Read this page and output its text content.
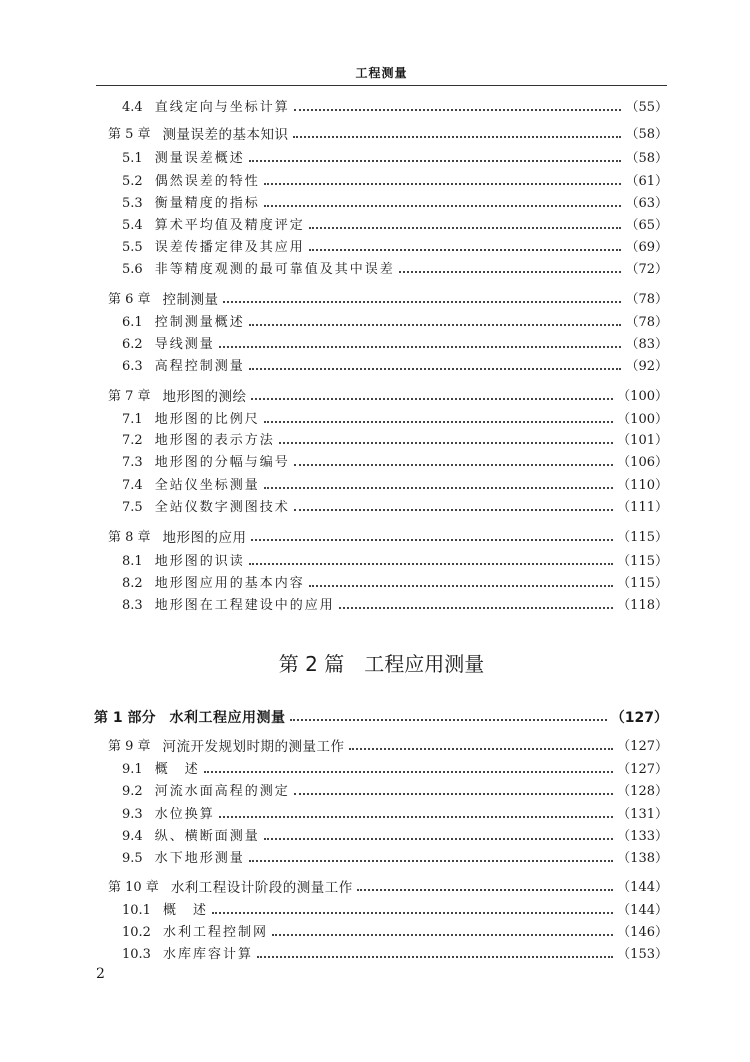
工程测量
4.4 直线定向与坐标计算	（55）
第 5 章 测量误差的基本知识	（58）
5.1 测量误差概述	（58）
5.2 偶然误差的特性	（61）
5.3 衡量精度的指标	（63）
5.4 算术平均值及精度评定	（65）
5.5 误差传播定律及其应用	（69）
5.6 非等精度观测的最可靠值及其中误差	（72）
第 6 章 控制测量	（78）
6.1 控制测量概述	（78）
6.2 导线测量	（83）
6.3 高程控制测量	（92）
第 7 章 地形图的测绘	（100）
7.1 地形图的比例尺	（100）
7.2 地形图的表示方法	（101）
7.3 地形图的分幅与编号	（106）
7.4 全站仪坐标测量	（110）
7.5 全站仪数字测图技术	（111）
第 8 章 地形图的应用	（115）
8.1 地形图的识读	（115）
8.2 地形图应用的基本内容	（115）
8.3 地形图在工程建设中的应用	（118）
第 2 篇　工程应用测量
第 1 部分 水利工程应用测量	（127）
第 9 章 河流开发规划时期的测量工作	（127）
9.1 概　述	（127）
9.2 河流水面高程的测定	（128）
9.3 水位换算	（131）
9.4 纵、横断面测量	（133）
9.5 水下地形测量	（138）
第 10 章 水利工程设计阶段的测量工作	（144）
10.1 概　述	（144）
10.2 水利工程控制网	（146）
10.3 水库库容计算	（153）
2
